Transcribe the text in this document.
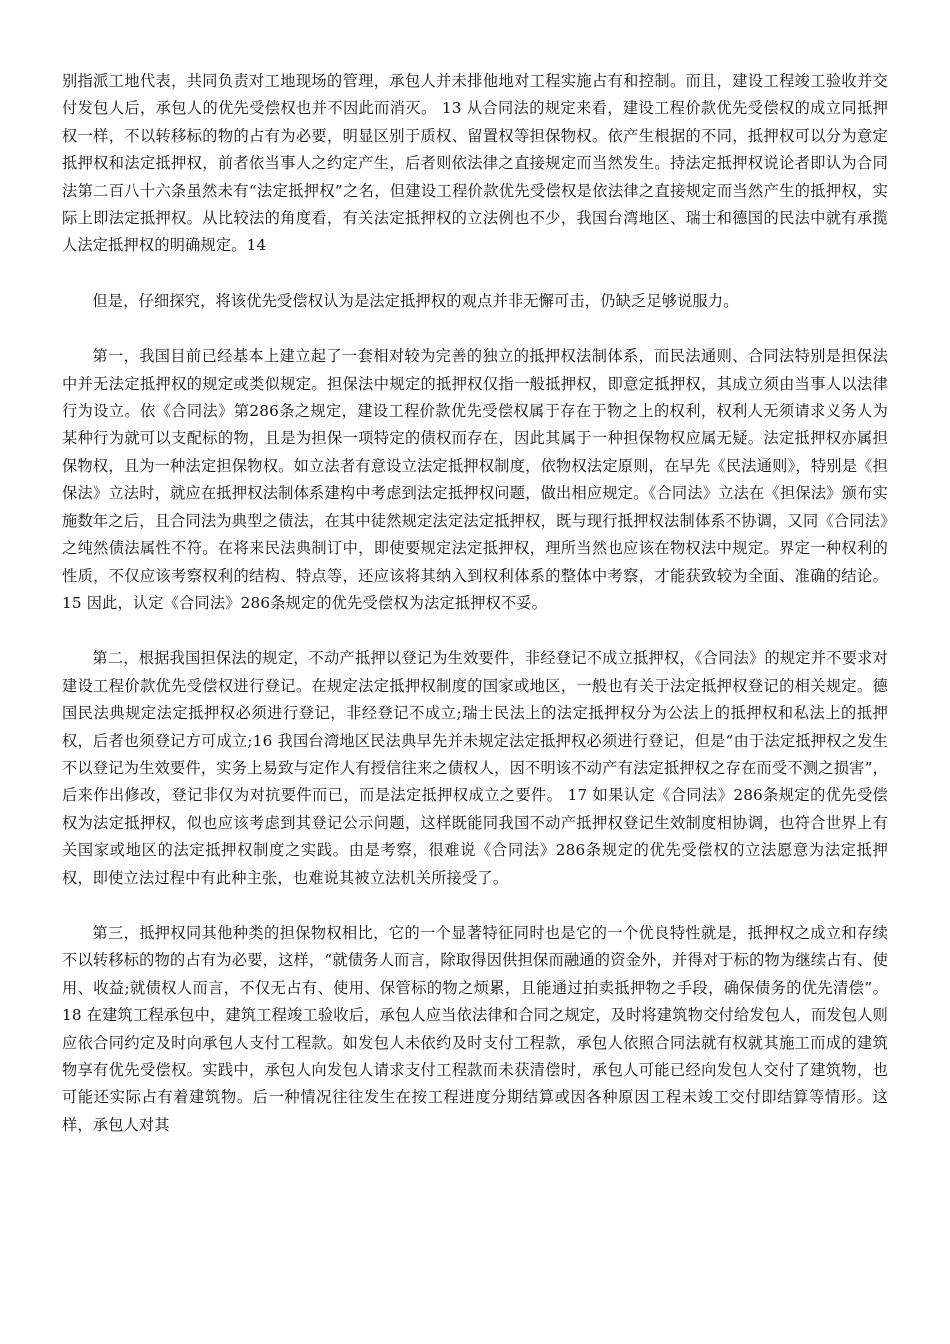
别指派工地代表，共同负责对工地现场的管理，承包人并未排他地对工程实施占有和控制。而且，建设工程竣工验收并交付发包人后，承包人的优先受偿权也并不因此而消灭。 13 从合同法的规定来看，建设工程价款优先受偿权的成立同抵押权一样，不以转移标的物的占有为必要，明显区别于质权、留置权等担保物权。依产生根据的不同，抵押权可以分为意定抵押权和法定抵押权，前者依当事人之约定产生，后者则依法律之直接规定而当然发生。持法定抵押权说论者即认为合同法第二百八十六条虽然未有“法定抵押权”之名，但建设工程价款优先受偿权是依法律之直接规定而当然产生的抵押权，实际上即法定抵押权。从比较法的角度看，有关法定抵押权的立法例也不少，我国台湾地区、瑞士和德国的民法中就有承揽人法定抵押权的明确规定。14

但是，仔细探究，将该优先受偿权认为是法定抵押权的观点并非无懈可击，仍缺乏足够说服力。

第一，我国目前已经基本上建立起了一套相对较为完善的独立的抵押权法制体系，而民法通则、合同法特别是担保法中并无法定抵押权的规定或类似规定。担保法中规定的抵押权仅指一般抵押权，即意定抵押权，其成立须由当事人以法律行为设立。依《合同法》第286条之规定，建设工程价款优先受偿权属于存在于物之上的权利，权利人无须请求义务人为某种行为就可以支配标的物，且是为担保一项特定的债权而存在，因此其属于一种担保物权应属无疑。法定抵押权亦属担保物权，且为一种法定担保物权。如立法者有意设立法定抵押权制度，依物权法定原则，在早先《民法通则》，特别是《担保法》立法时，就应在抵押权法制体系建构中考虑到法定抵押权问题，做出相应规定。《合同法》立法在《担保法》颁布实施数年之后，且合同法为典型之债法，在其中徒然规定法定法定抵押权，既与现行抵押权法制体系不协调，又同《合同法》之纯然债法属性不符。在将来民法典制订中，即使要规定法定抵押权，理所当然也应该在物权法中规定。界定一种权利的性质，不仅应该考察权利的结构、特点等，还应该将其纳入到权利体系的整体中考察，才能获致较为全面、准确的结论。15 因此，认定《合同法》286条规定的优先受偿权为法定抵押权不妥。

第二，根据我国担保法的规定，不动产抵押以登记为生效要件，非经登记不成立抵押权，《合同法》的规定并不要求对建设工程价款优先受偿权进行登记。在规定法定抵押权制度的国家或地区，一般也有关于法定抵押权登记的相关规定。德国民法典规定法定抵押权必须进行登记，非经登记不成立;瑞士民法上的法定抵押权分为公法上的抵押权和私法上的抵押权，后者也须登记方可成立;16 我国台湾地区民法典早先并未规定法定抵押权必须进行登记，但是“由于法定抵押权之发生不以登记为生效要件，实务上易致与定作人有授信往来之债权人，因不明该不动产有法定抵押权之存在而受不测之损害”，后来作出修改，登记非仅为对抗要件而已，而是法定抵押权成立之要件。 17 如果认定《合同法》286条规定的优先受偿权为法定抵押权，似也应该考虑到其登记公示问题，这样既能同我国不动产抵押权登记生效制度相协调，也符合世界上有关国家或地区的法定抵押权制度之实践。由是考察，很难说《合同法》286条规定的优先受偿权的立法愿意为法定抵押权，即使立法过程中有此种主张，也难说其被立法机关所接受了。

第三，抵押权同其他种类的担保物权相比，它的一个显著特征同时也是它的一个优良特性就是，抵押权之成立和存续不以转移标的物的占有为必要，这样，“就债务人而言，除取得因供担保而融通的资金外，并得对于标的物为继续占有、使用、收益;就债权人而言，不仅无占有、使用、保管标的物之烦累，且能通过拍卖抵押物之手段，确保债务的优先清偿”。 18 在建筑工程承包中，建筑工程竣工验收后，承包人应当依法律和合同之规定，及时将建筑物交付给发包人，而发包人则应依合同约定及时向承包人支付工程款。如发包人未依约及时支付工程款，承包人依照合同法就有权就其施工而成的建筑物享有优先受偿权。实践中，承包人向发包人请求支付工程款而未获清偿时，承包人可能已经向发包人交付了建筑物，也可能还实际占有着建筑物。后一种情况往往发生在按工程进度分期结算或因各种原因工程未竣工交付即结算等情形。这样，承包人对其
